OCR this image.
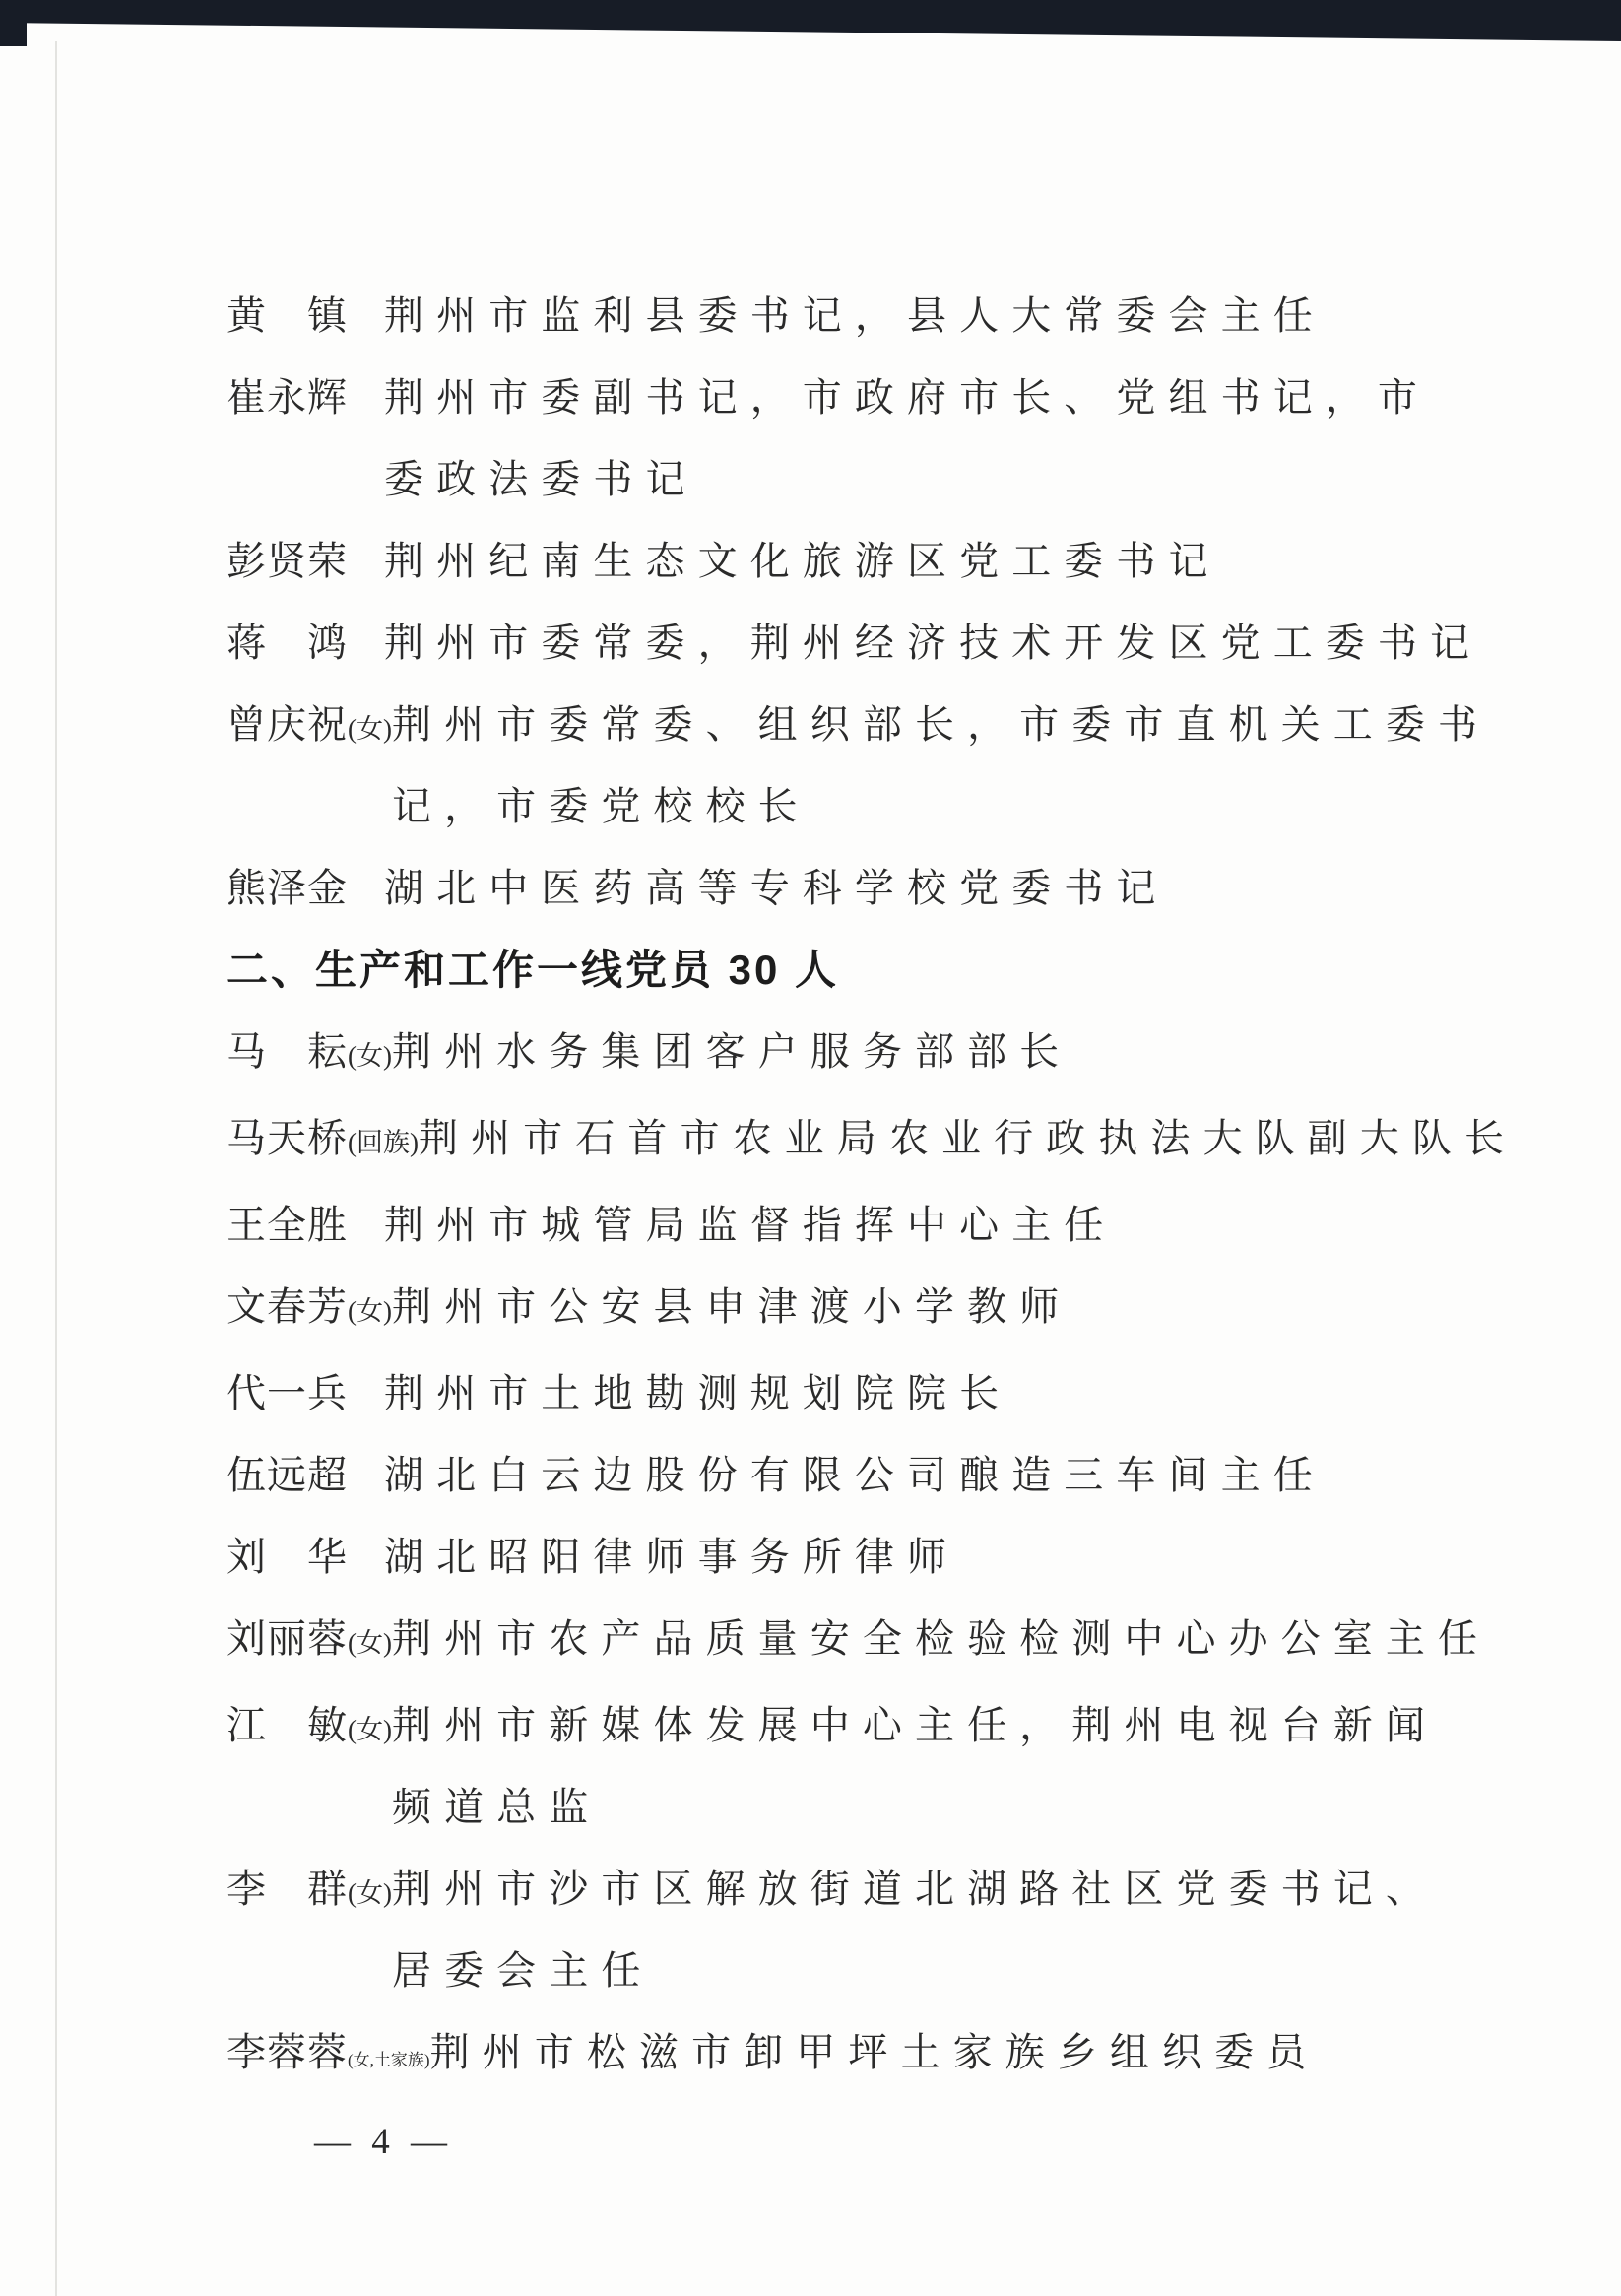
黄　镇 荆州市监利县委书记，县人大常委会主任
崔永辉 荆州市委副书记，市政府市长、党组书记，市
委政法委书记
彭贤荣 荆州纪南生态文化旅游区党工委书记
蒋　鸿 荆州市委常委，荆州经济技术开发区党工委书记
曾庆祝(女) 荆州市委常委、组织部长，市委市直机关工委书
记，市委党校校长
熊泽金 湖北中医药高等专科学校党委书记
二、生产和工作一线党员 30 人
马　耘(女) 荆州水务集团客户服务部部长
马天桥(回族) 荆州市石首市农业局农业行政执法大队副大队长
王全胜 荆州市城管局监督指挥中心主任
文春芳(女) 荆州市公安县申津渡小学教师
代一兵 荆州市土地勘测规划院院长
伍远超 湖北白云边股份有限公司酿造三车间主任
刘　华 湖北昭阳律师事务所律师
刘丽蓉(女) 荆州市农产品质量安全检验检测中心办公室主任
江　敏(女) 荆州市新媒体发展中心主任，荆州电视台新闻
频道总监
李　群(女) 荆州市沙市区解放街道北湖路社区党委书记、
居委会主任
李蓉蓉(女,土家族) 荆州市松滋市卸甲坪土家族乡组织委员

— 4 —
